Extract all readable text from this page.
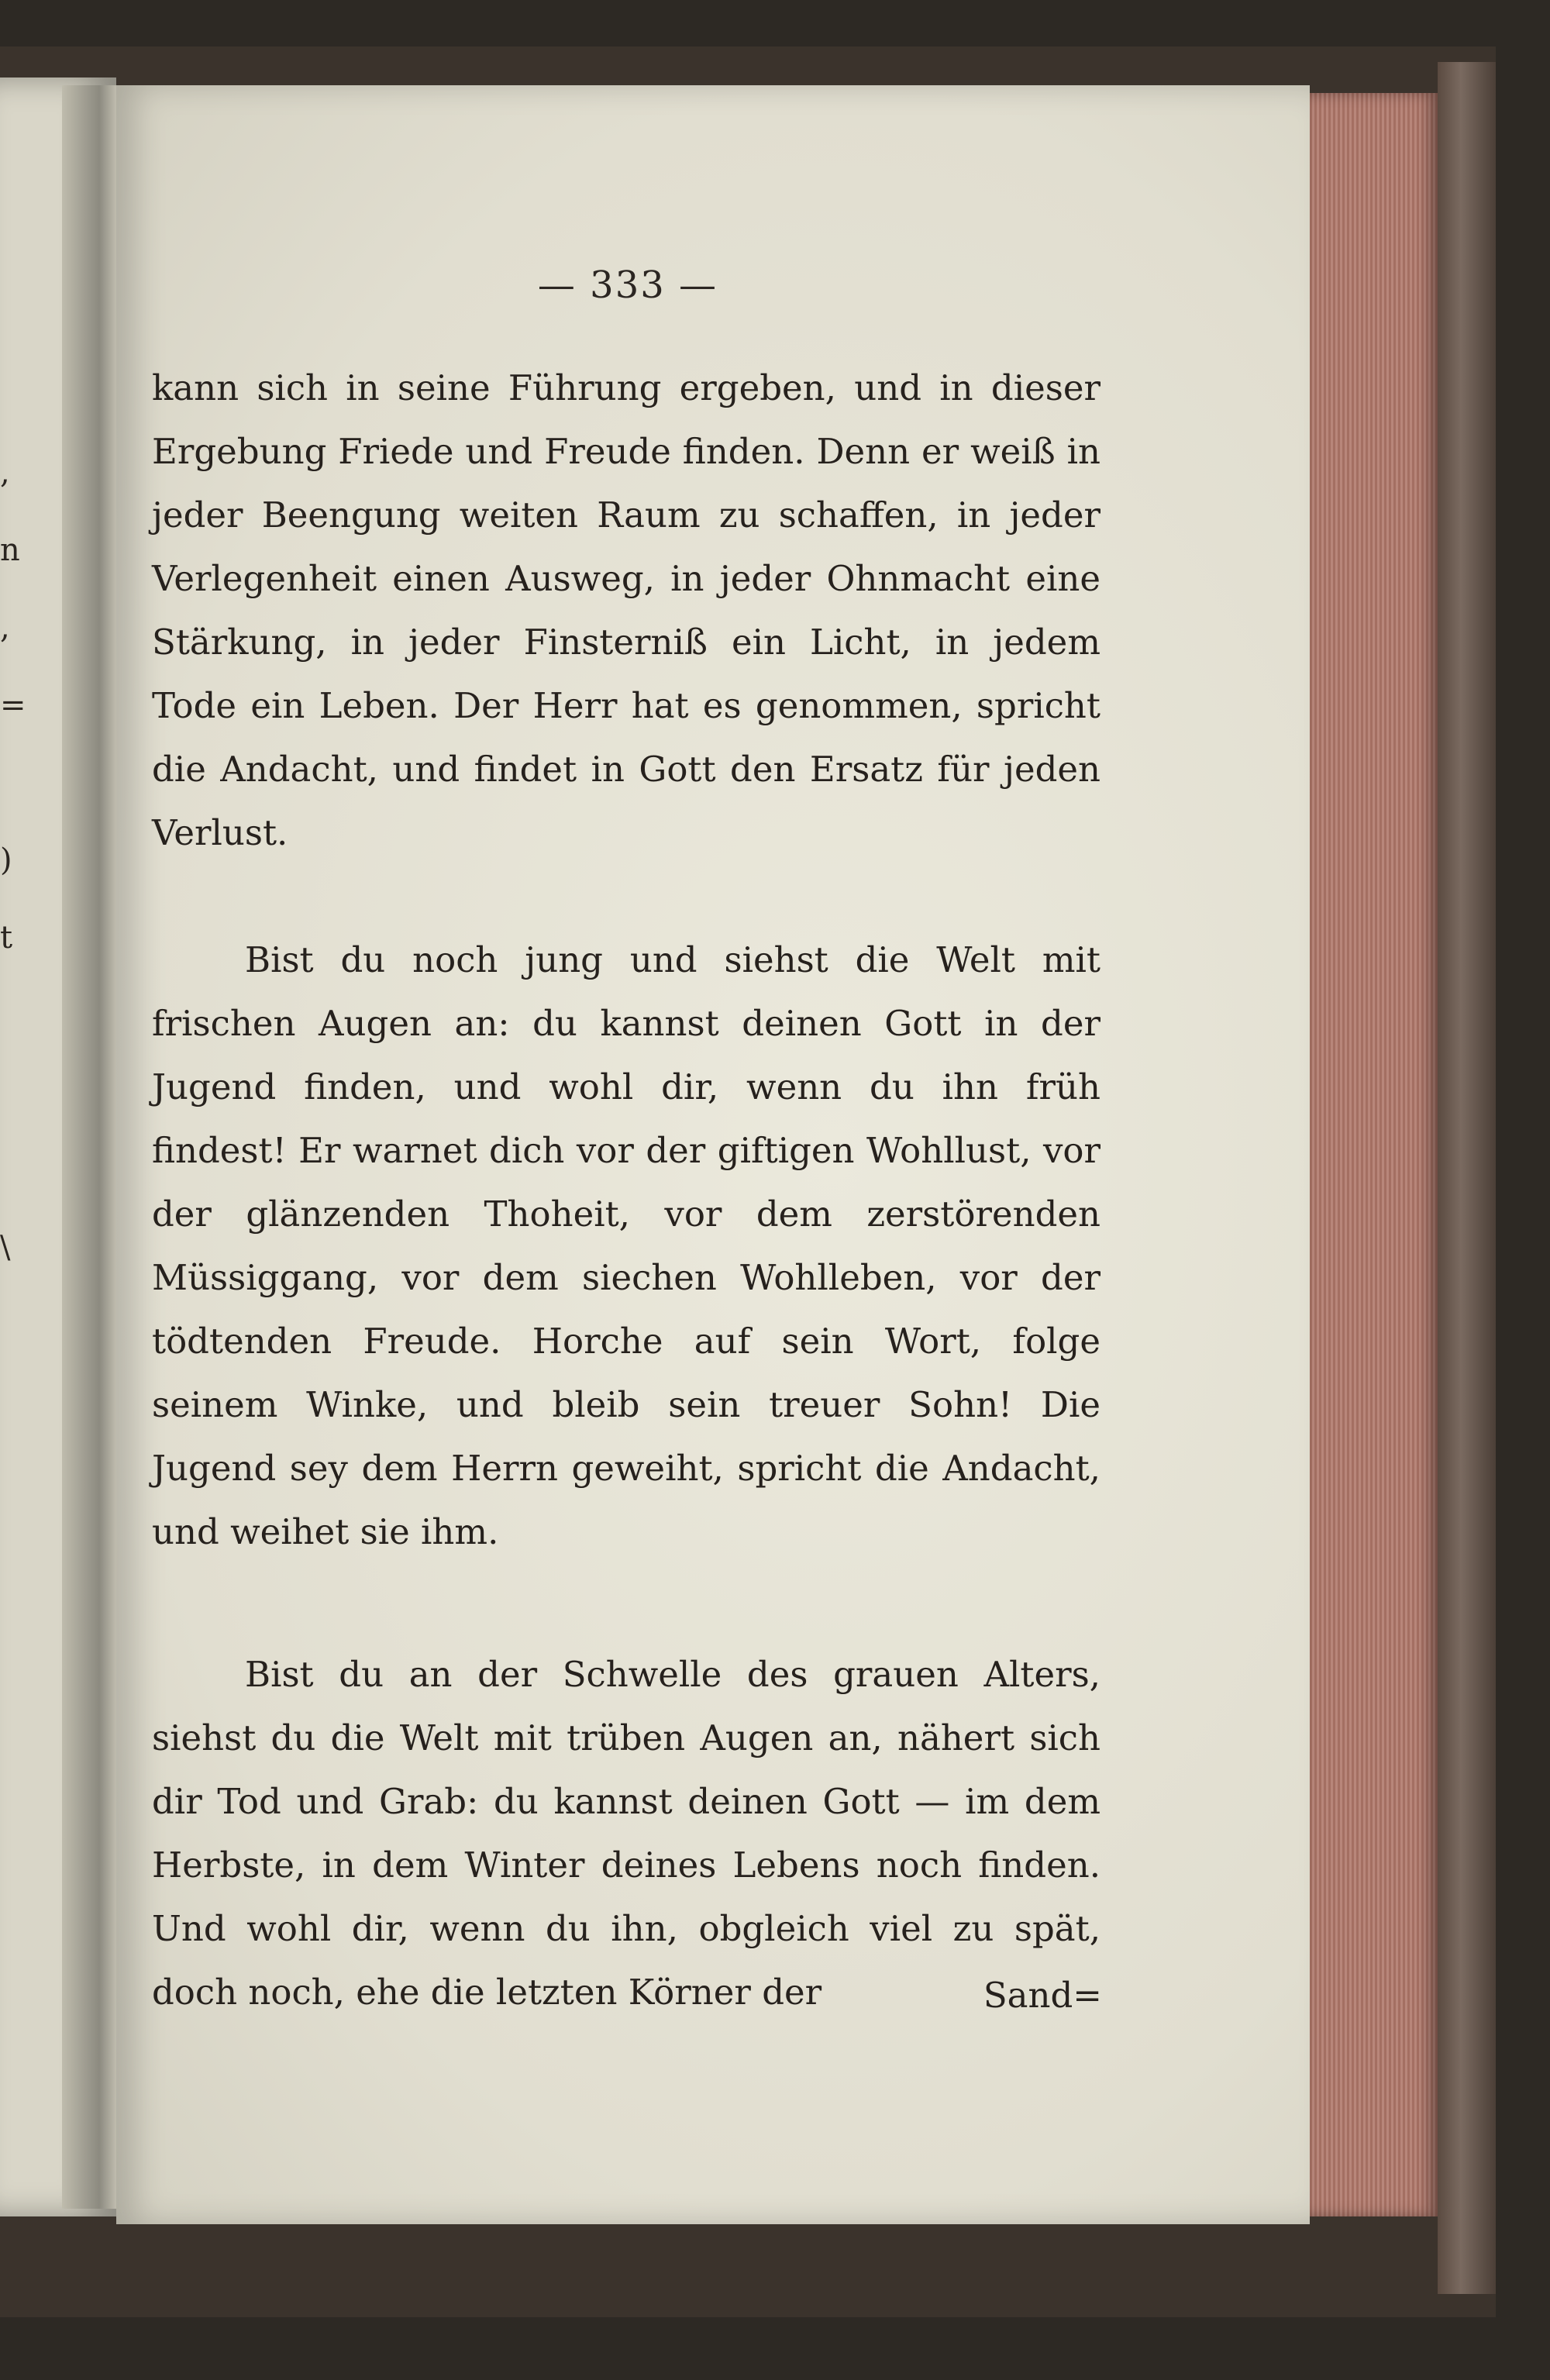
,
n
,
=
)
t
\
— 333 —

kann sich in seine Führung ergeben, und in dieser Ergebung Friede und Freude finden. Denn er weiß in jeder Beengung weiten Raum zu schaffen, in jeder Verlegenheit einen Ausweg, in jeder Ohnmacht eine Stärkung, in jeder Finsterniß ein Licht, in jedem Tode ein Leben. Der Herr hat es genommen, spricht die Andacht, und findet in Gott den Ersatz für jeden Verlust.

Bist du noch jung und siehst die Welt mit frischen Augen an: du kannst deinen Gott in der Jugend finden, und wohl dir, wenn du ihn früh findest! Er warnet dich vor der giftigen Wohllust, vor der glänzenden Thoheit, vor dem zerstörenden Müssiggang, vor dem siechen Wohlleben, vor der tödtenden Freude. Horche auf sein Wort, folge seinem Winke, und bleib sein treuer Sohn! Die Jugend sey dem Herrn geweiht, spricht die Andacht, und weihet sie ihm.

Bist du an der Schwelle des grauen Alters, siehst du die Welt mit trüben Augen an, nähert sich dir Tod und Grab: du kannst deinen Gott — im dem Herbste, in dem Winter deines Lebens noch finden. Und wohl dir, wenn du ihn, obgleich viel zu spät, doch noch, ehe die letzten Körner der	Sand=
